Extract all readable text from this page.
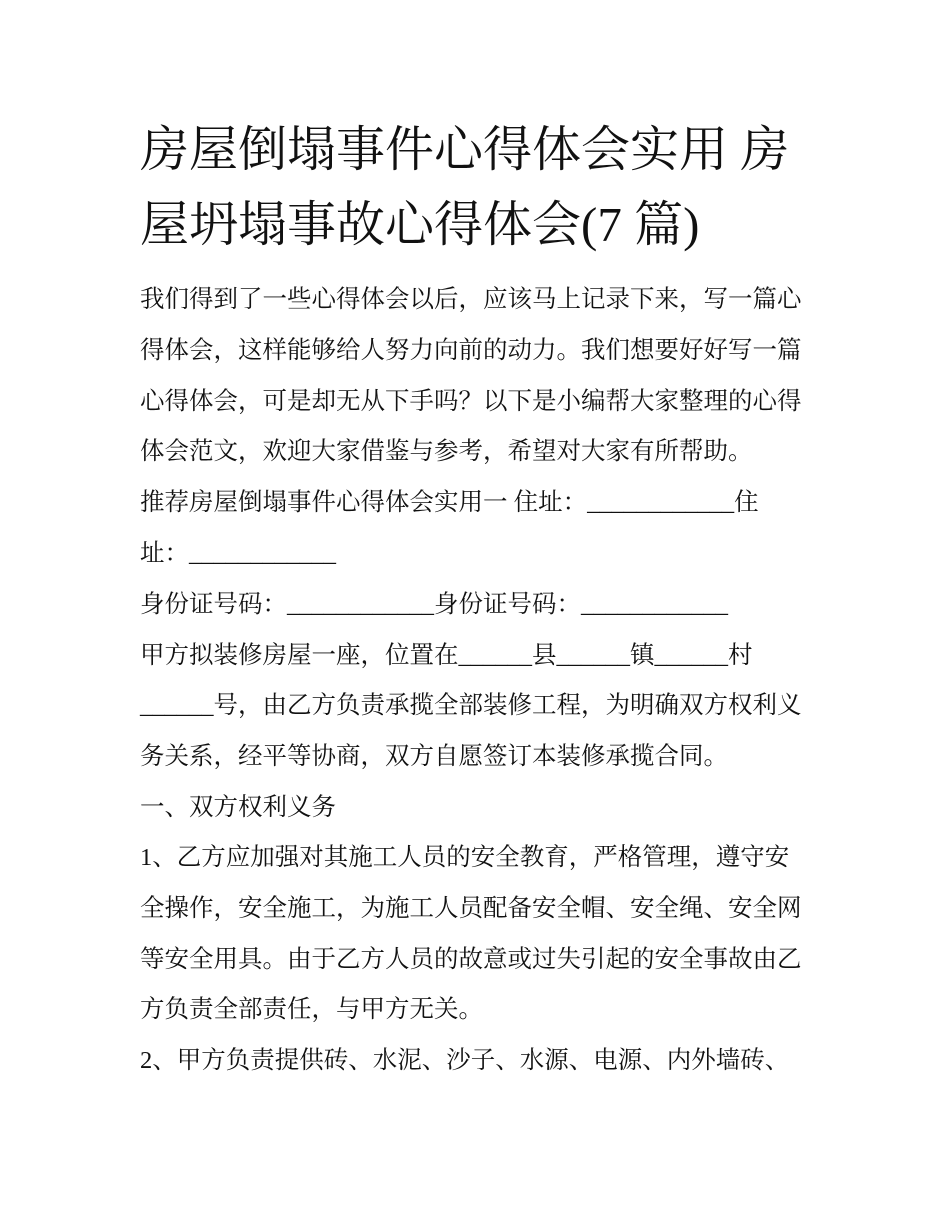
房屋倒塌事件心得体会实用 房
屋坍塌事故心得体会(7 篇)
我们得到了一些心得体会以后，应该马上记录下来，写一篇心
得体会，这样能够给人努力向前的动力。我们想要好好写一篇
心得体会，可是却无从下手吗？以下是小编帮大家整理的心得
体会范文，欢迎大家借鉴与参考，希望对大家有所帮助。
推荐房屋倒塌事件心得体会实用一 住址：____________住
址：____________
身份证号码：____________身份证号码：____________
甲方拟装修房屋一座，位置在______县______镇______村
______号，由乙方负责承揽全部装修工程，为明确双方权利义
务关系，经平等协商，双方自愿签订本装修承揽合同。
一、双方权利义务
1、乙方应加强对其施工人员的安全教育，严格管理，遵守安
全操作，安全施工，为施工人员配备安全帽、安全绳、安全网
等安全用具。由于乙方人员的故意或过失引起的安全事故由乙
方负责全部责任，与甲方无关。
2、甲方负责提供砖、水泥、沙子、水源、电源、内外墙砖、
